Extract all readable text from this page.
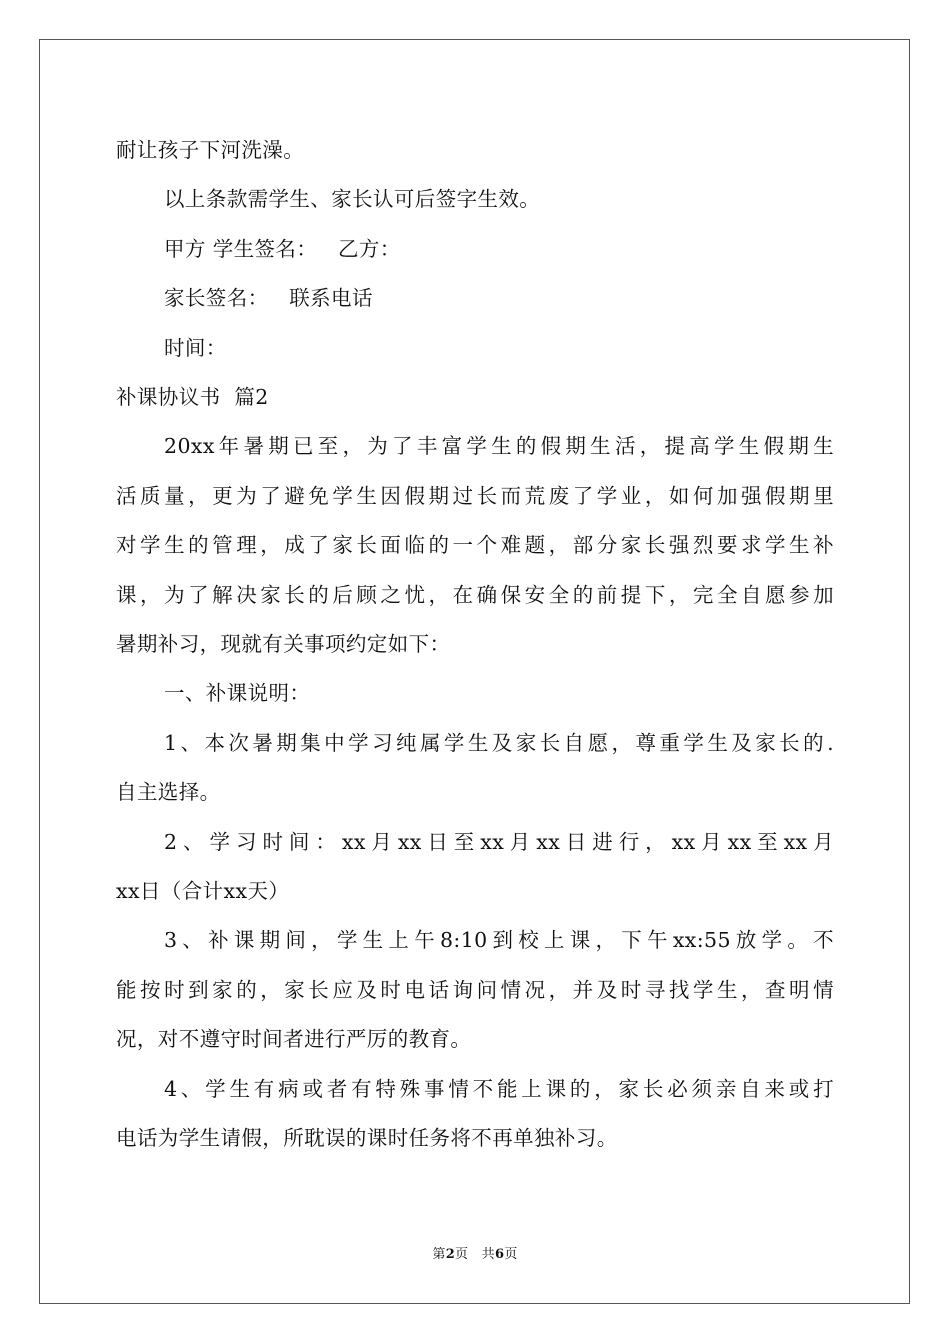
耐让孩子下河洗澡。
以上条款需学生、家长认可后签字生效。
甲方 学生签名：   乙方：
家长签名：   联系电话
时间：
补课协议书  篇2
20xx年暑期已至，为了丰富学生的假期生活，提高学生假期生
活质量，更为了避免学生因假期过长而荒废了学业，如何加强假期里
对学生的管理，成了家长面临的一个难题，部分家长强烈要求学生补
课，为了解决家长的后顾之忧，在确保安全的前提下，完全自愿参加
暑期补习，现就有关事项约定如下：
一、补课说明：
1、本次暑期集中学习纯属学生及家长自愿，尊重学生及家长的.
自主选择。
2、学习时间：xx月xx日至xx月xx日进行，xx月xx至xx月
xx日（合计xx天）
3、补课期间，学生上午8:10到校上课，下午xx:55放学。不
能按时到家的，家长应及时电话询问情况，并及时寻找学生，查明情
况，对不遵守时间者进行严厉的教育。
4、学生有病或者有特殊事情不能上课的，家长必须亲自来或打
电话为学生请假，所耽误的课时任务将不再单独补习。
第2页   共6页
